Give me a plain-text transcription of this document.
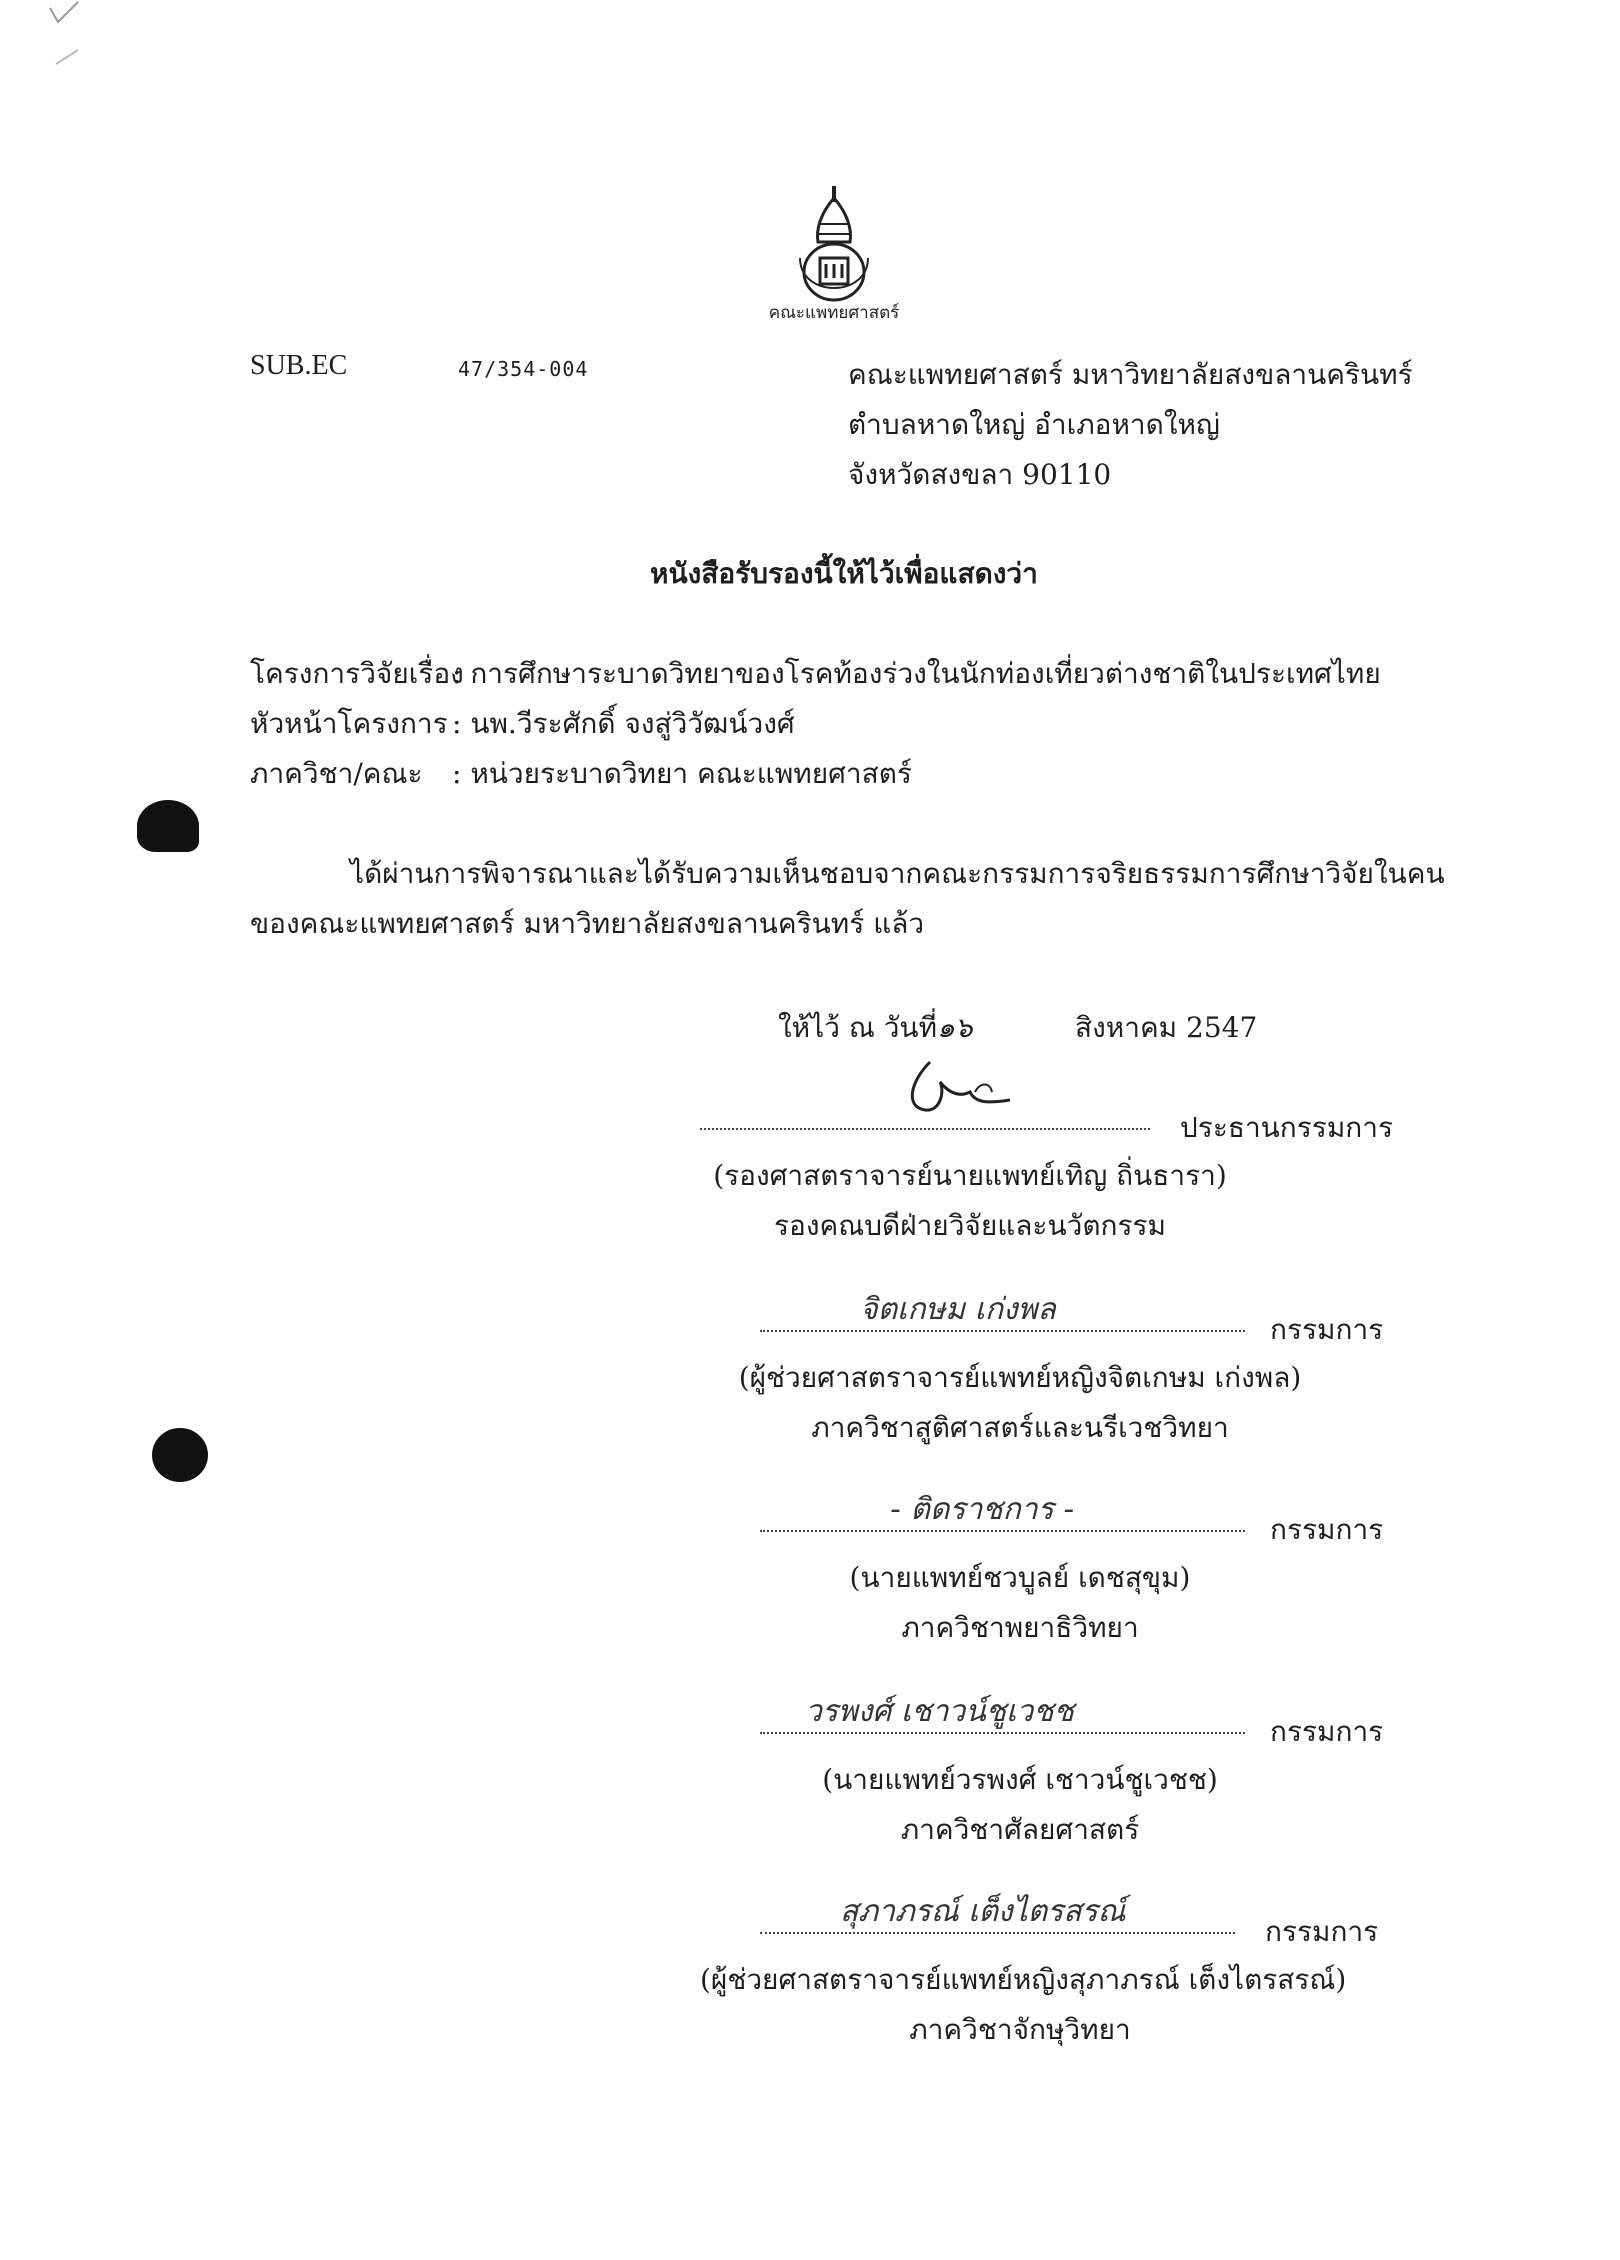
คณะแพทยศาสตร์
SUB.EC	47/354-004	คณะแพทยศาสตร์ มหาวิทยาลัยสงขลานครินทร์
ตำบลหาดใหญ่ อำเภอหาดใหญ่
จังหวัดสงขลา 90110
หนังสือรับรองนี้ให้ไว้เพื่อแสดงว่า
โครงการวิจัยเรื่อง
: การศึกษาระบาดวิทยาของโรคท้องร่วงในนักท่องเที่ยวต่างชาติในประเทศไทย
หัวหน้าโครงการ : นพ.วีระศักดิ์ จงสู่วิวัฒน์วงศ์
ภาควิชา/คณะ : หน่วยระบาดวิทยา คณะแพทยศาสตร์
ได้ผ่านการพิจารณาและได้รับความเห็นชอบจากคณะกรรมการจริยธรรมการศึกษาวิจัยในคน
ของคณะแพทยศาสตร์ มหาวิทยาลัยสงขลานครินทร์ แล้ว
ให้ไว้ ณ วันที่ ๑๖	สิงหาคม 2547
ประธานกรรมการ
(รองศาสตราจารย์นายแพทย์เทิญ ถิ่นธารา)
รองคณบดีฝ่ายวิจัยและนวัตกรรม
จิตเกษม เก่งพล
กรรมการ
(ผู้ช่วยศาสตราจารย์แพทย์หญิงจิตเกษม เก่งพล)
ภาควิชาสูติศาสตร์และนรีเวชวิทยา
- ติดราชการ -
กรรมการ
(นายแพทย์ชวบูลย์ เดชสุขุม)
ภาควิชาพยาธิวิทยา
วรพงศ์ เชาวน์ชูเวชช
กรรมการ
(นายแพทย์วรพงศ์ เชาวน์ชูเวชช)
ภาควิชาศัลยศาสตร์
สุภาภรณ์ เต็งไตรสรณ์
กรรมการ
(ผู้ช่วยศาสตราจารย์แพทย์หญิงสุภาภรณ์ เต็งไตรสรณ์)
ภาควิชาจักษุวิทยา
